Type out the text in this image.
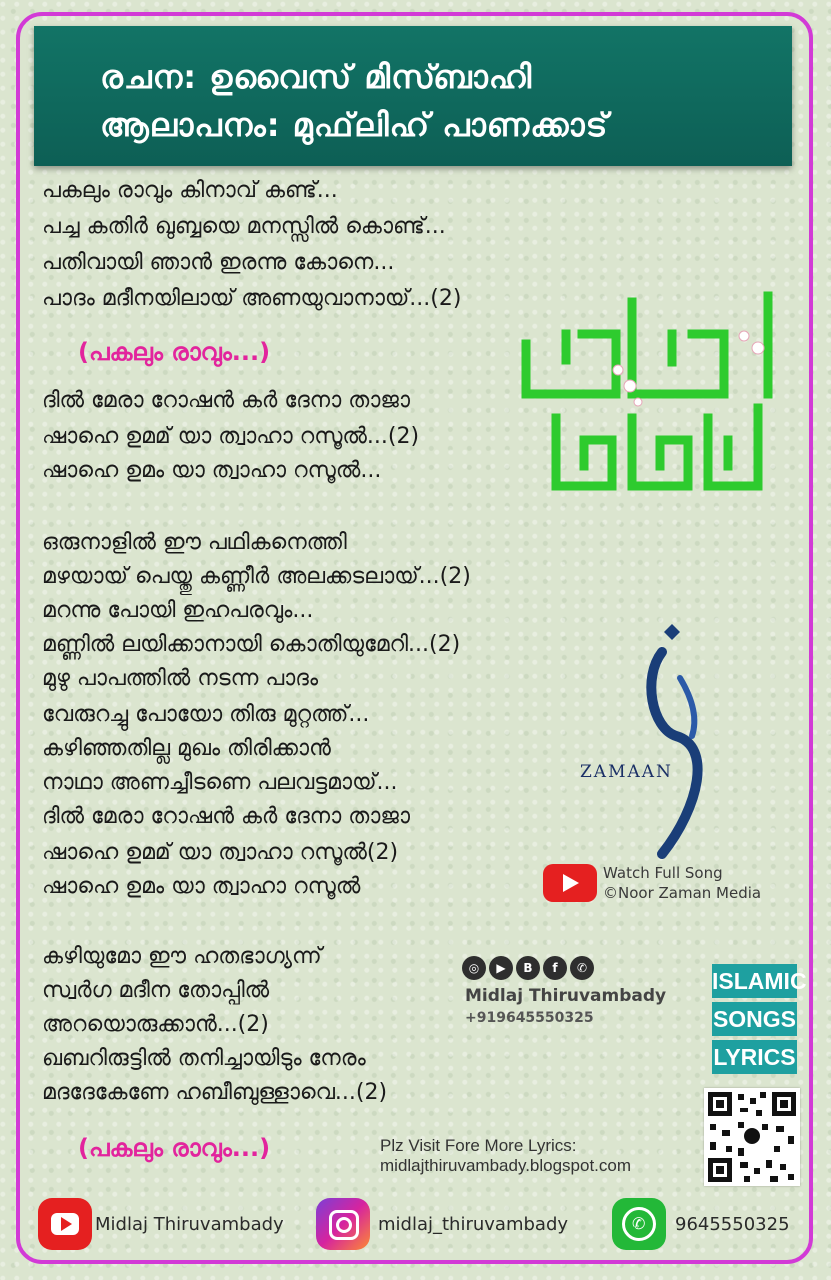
രചന: ഉവൈസ് മിസ്ബാഹി
ആലാപനം: മുഫ്‌ലിഹ് പാണക്കാട്
പകലും രാവും കിനാവ് കണ്ട്...
പച്ച കതിർ ഖുബ്ബയെ മനസ്സിൽ കൊണ്ട്...
പതിവായി ഞാൻ ഇരന്നു കോനെ...
പാദം മദീനയിലായ് അണയുവാനായ്...(2)
(പകലും രാവും...)
ദിൽ മേരാ റോഷൻ കർ ദേനാ താജാ
ഷാഹെ ഉമമ് യാ ത്വാഹാ റസൂൽ...(2)
ഷാഹെ ഉമം യാ ത്വാഹാ റസൂൽ...
ഒരുനാളിൽ ഈ പഥികനെത്തി
മഴയായ് പെയ്തു കണ്ണീർ അലക്കടലായ്...(2)
മറന്നു പോയി ഇഹപരവും...
മണ്ണിൽ ലയിക്കാനായി കൊതിയുമേറി...(2)
മുഴു പാപത്തിൽ നടന്ന പാദം
വേരുറച്ചു പോയോ തിരു മുറ്റത്ത്...
കഴിഞ്ഞതില്ല മുഖം തിരിക്കാൻ
നാഥാ അണച്ചീടണെ പലവട്ടമായ്...
ദിൽ മേരാ റോഷൻ കർ ദേനാ താജാ
ഷാഹെ ഉമമ് യാ ത്വാഹാ റസൂൽ(2)
ഷാഹെ ഉമം യാ ത്വാഹാ റസൂൽ
കഴിയുമോ ഈ ഹതഭാഗ്യന്ന്
സ്വർഗ മദീന തോപ്പിൽ
അറയൊരുക്കാൻ...(2)
ഖബറിരുട്ടിൽ തനിച്ചായിടും നേരം
മദദേകേണേ ഹബീബുള്ളാവെ...(2)
(പകലും രാവും...)
ZAMAAN
Watch Full Song
©Noor Zaman Media
◎	▶	B	f	✆
Midlaj Thiruvambady
+919645550325
ISLAMIC
SONGS
LYRICS
Plz Visit Fore More Lyrics:
midlajthiruvambady.blogspot.com
Midlaj Thiruvambady	midlaj_thiruvambady	✆ 9645550325
